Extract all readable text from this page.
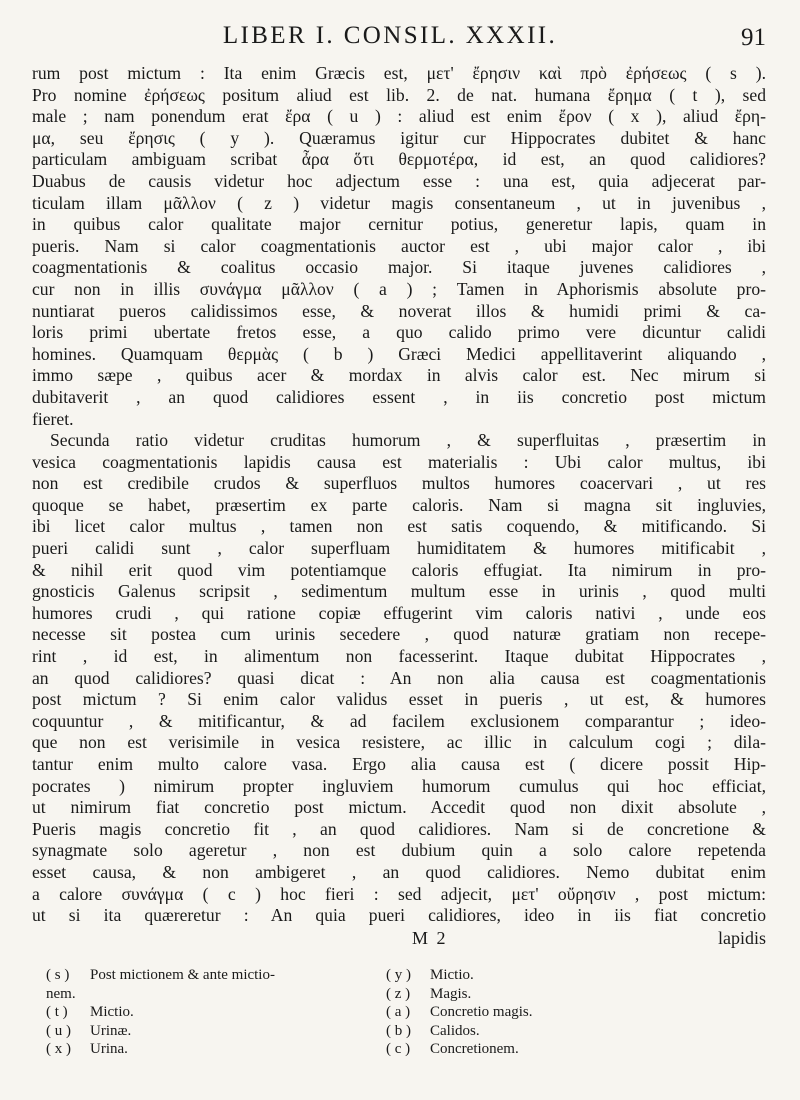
LIBER I. CONSIL. XXXII.	91
rum post mictum : Ita enim Græcis est, μετ' ἔρησιν καὶ πρὸ ἐρήσεως ( s ).
Pro nomine ἐρήσεως positum aliud est lib. 2. de nat. humana ἔρημα ( t ), sed
male ; nam ponendum erat ἔρα ( u ) : aliud est enim ἔρον ( x ), aliud ἔρη-
μα, seu ἔρησις ( y ). Quæramus igitur cur Hippocrates dubitet & hanc
particulam ambiguam scribat ἆρα ὅτι θερμοτέρα, id est, an quod calidiores?
Duabus de causis videtur hoc adjectum esse : una est, quia adjecerat par-
ticulam illam μᾶλλον ( z ) videtur magis consentaneum , ut in juvenibus ,
in quibus calor qualitate major cernitur potius, generetur lapis, quam in
pueris. Nam si calor coagmentationis auctor est , ubi major calor , ibi
coagmentationis & coalitus occasio major. Si itaque juvenes calidiores ,
cur non in illis συνάγμα μᾶλλον ( a ) ; Tamen in Aphorismis absolute pro-
nuntiarat pueros calidissimos esse, & noverat illos & humidi primi & ca-
loris primi ubertate fretos esse, a quo calido primo vere dicuntur calidi
homines. Quamquam θερμὰς ( b ) Græci Medici appellitaverint aliquando ,
immo sæpe , quibus acer & mordax in alvis calor est. Nec mirum si
dubitaverit , an quod calidiores essent , in iis concretio post mictum
fieret.
Secunda ratio videtur cruditas humorum , & superfluitas , præsertim in
vesica coagmentationis lapidis causa est materialis : Ubi calor multus, ibi
non est credibile crudos & superfluos multos humores coacervari , ut res
quoque se habet, præsertim ex parte caloris. Nam si magna sit ingluvies,
ibi licet calor multus , tamen non est satis coquendo, & mitificando. Si
pueri calidi sunt , calor superfluam humiditatem & humores mitificabit ,
& nihil erit quod vim potentiamque caloris effugiat. Ita nimirum in pro-
gnosticis Galenus scripsit , sedimentum multum esse in urinis , quod multi
humores crudi , qui ratione copiæ effugerint vim caloris nativi , unde eos
necesse sit postea cum urinis secedere , quod naturæ gratiam non recepe-
rint , id est, in alimentum non facesserint. Itaque dubitat Hippocrates ,
an quod calidiores? quasi dicat : An non alia causa est coagmentationis
post mictum ? Si enim calor validus esset in pueris , ut est, & humores
coquuntur , & mitificantur, & ad facilem exclusionem comparantur ; ideo-
que non est verisimile in vesica resistere, ac illic in calculum cogi ; dila-
tantur enim multo calore vasa. Ergo alia causa est ( dicere possit Hip-
pocrates ) nimirum propter ingluviem humorum cumulus qui hoc efficiat,
ut nimirum fiat concretio post mictum. Accedit quod non dixit absolute ,
Pueris magis concretio fit , an quod calidiores. Nam si de concretione &
synagmate solo ageretur , non est dubium quin a solo calore repetenda
esset causa, & non ambigeret , an quod calidiores. Nemo dubitat enim
a calore συνάγμα ( c ) hoc fieri : sed adjecit, μετ' οὔρησιν , post mictum:
ut si ita quæreretur : An quia pueri calidiores, ideo in iis fiat concretio
M 2	lapidis
( s ) Post mictionem & ante mictio-
nem.
( t ) Mictio.
( u ) Urinæ.
( x ) Urina.
( y ) Mictio.
( z ) Magis.
( a ) Concretio magis.
( b ) Calidos.
( c ) Concretionem.
